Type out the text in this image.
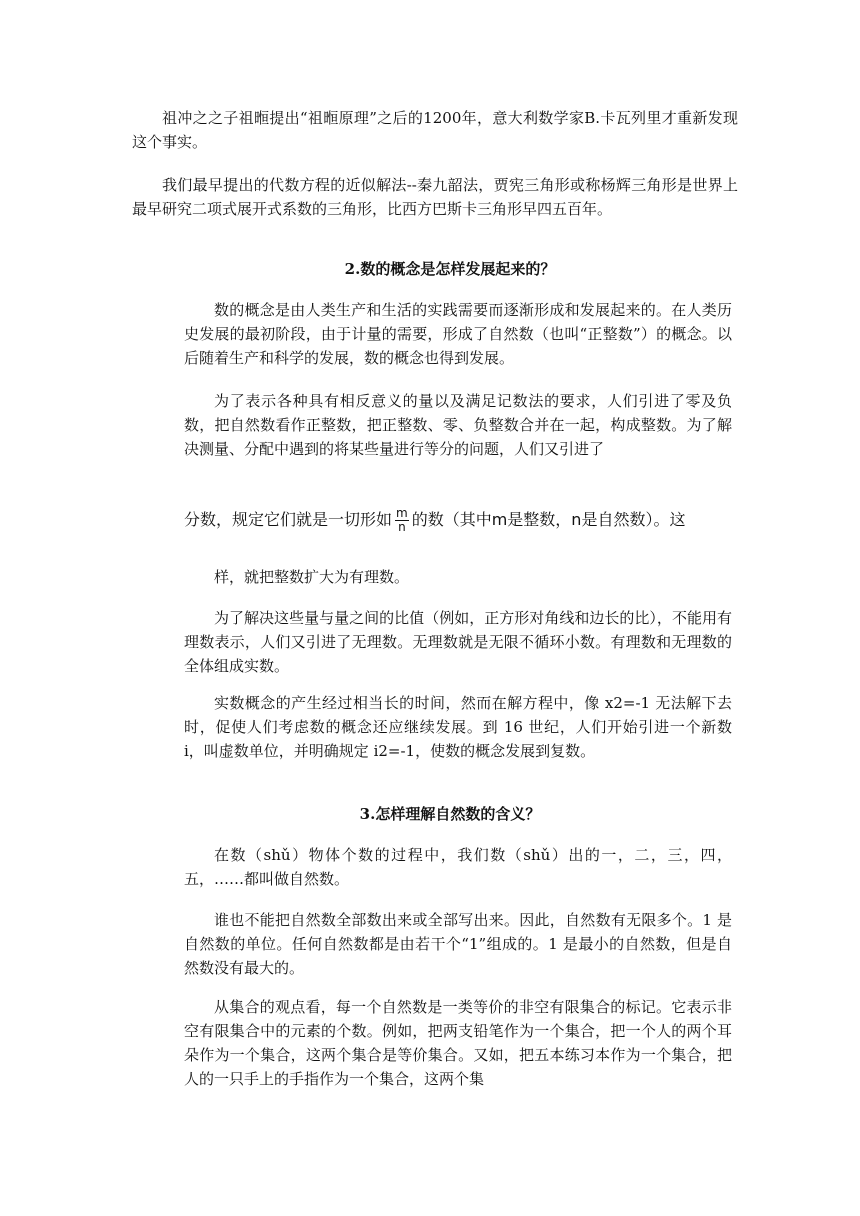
祖冲之之子祖暅提出“祖暅原理”之后的1200年，意大利数学家B.卡瓦列里才重新发现这个事实。

我们最早提出的代数方程的近似解法--秦九韶法，贾宪三角形或称杨辉三角形是世界上最早研究二项式展开式系数的三角形，比西方巴斯卡三角形早四五百年。

2.数的概念是怎样发展起来的？

数的概念是由人类生产和生活的实践需要而逐渐形成和发展起来的。在人类历史发展的最初阶段，由于计量的需要，形成了自然数（也叫“正整数”）的概念。以后随着生产和科学的发展，数的概念也得到发展。

为了表示各种具有相反意义的量以及满足记数法的要求，人们引进了零及负数，把自然数看作正整数，把正整数、零、负整数合并在一起，构成整数。为了解决测量、分配中遇到的将某些量进行等分的问题，人们又引进了

分数，规定它们就是一切形如 $\frac{m}{n}$ 的数（其中m是整数，n是自然数）。这

样，就把整数扩大为有理数。

为了解决这些量与量之间的比值（例如，正方形对角线和边长的比），不能用有理数表示，人们又引进了无理数。无理数就是无限不循环小数。有理数和无理数的全体组成实数。

实数概念的产生经过相当长的时间，然而在解方程中，像 x2=-1 无法解下去时，促使人们考虑数的概念还应继续发展。到 16 世纪，人们开始引进一个新数 i，叫虚数单位，并明确规定 i2=-1，使数的概念发展到复数。

3.怎样理解自然数的含义？

在数（shǔ）物体个数的过程中，我们数（shǔ）出的一，二，三，四，五，……都叫做自然数。

谁也不能把自然数全部数出来或全部写出来。因此，自然数有无限多个。1 是自然数的单位。任何自然数都是由若干个“1”组成的。1 是最小的自然数，但是自然数没有最大的。

从集合的观点看，每一个自然数是一类等价的非空有限集合的标记。它表示非空有限集合中的元素的个数。例如，把两支铅笔作为一个集合，把一个人的两个耳朵作为一个集合，这两个集合是等价集合。又如，把五本练习本作为一个集合，把人的一只手上的手指作为一个集合，这两个集
